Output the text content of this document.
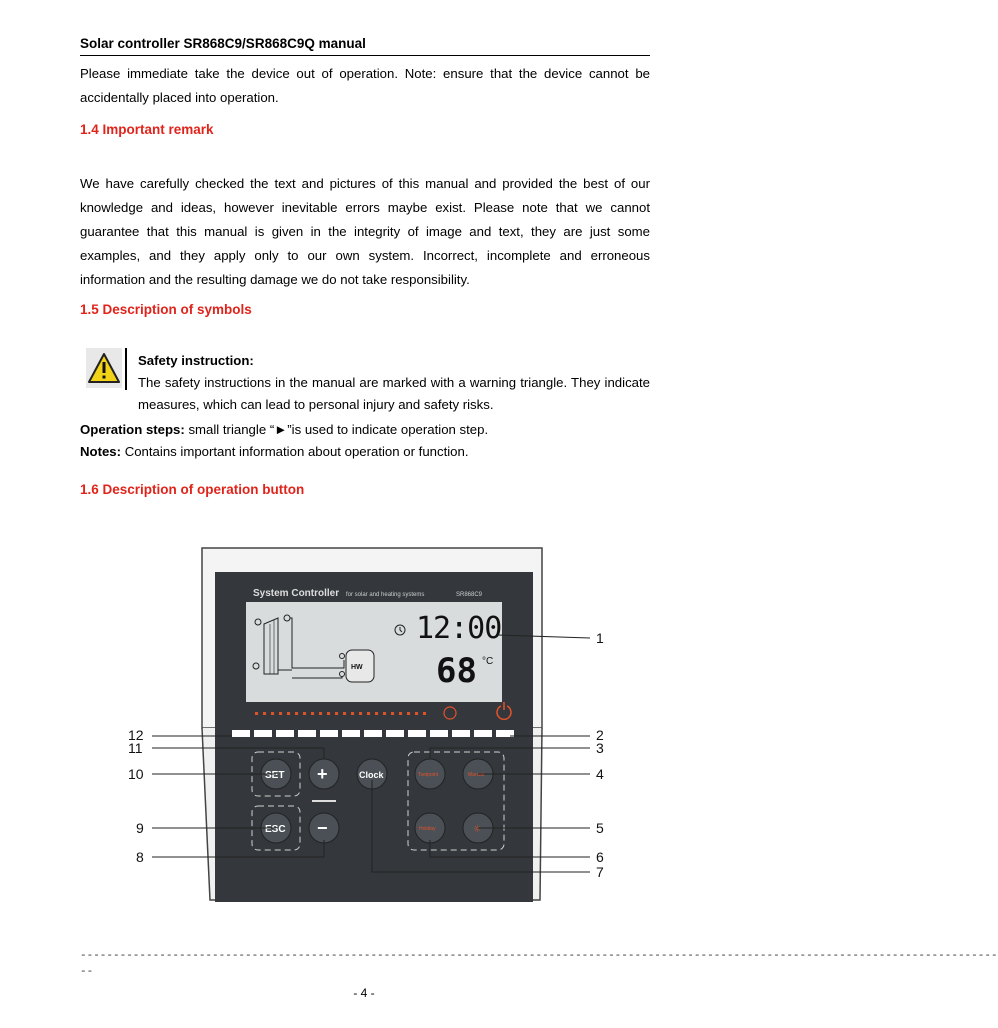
Solar controller SR868C9/SR868C9Q manual
Please immediate take the device out of operation. Note: ensure that the device cannot be accidentally placed into operation.
1.4 Important remark
We have carefully checked the text and pictures of this manual and provided the best of our knowledge and ideas, however inevitable errors maybe exist. Please note that we cannot guarantee that this manual is given in the integrity of image and text, they are just some examples, and they apply only to our own system. Incorrect, incomplete and erroneous information and the resulting damage we do not take responsibility.
1.5 Description of symbols
Safety instruction:
The safety instructions in the manual are marked with a warning triangle. They indicate measures, which can lead to personal injury and safety risks.
Operation steps: small triangle “►”is used to indicate operation step.
Notes: Contains important information about operation or function.
1.6 Description of operation button
System Controller for solar and heating systems	SR868C9
HW
12:00
68 °C
SET +	Clock	Tsetpoint	Manual
ESC −	Holiday	☼
1
2
3
4
5
6
7
8
9
10
11
12
-------------------------------------------------------------------------------------------------------------------------------------------
--
- 4 -
